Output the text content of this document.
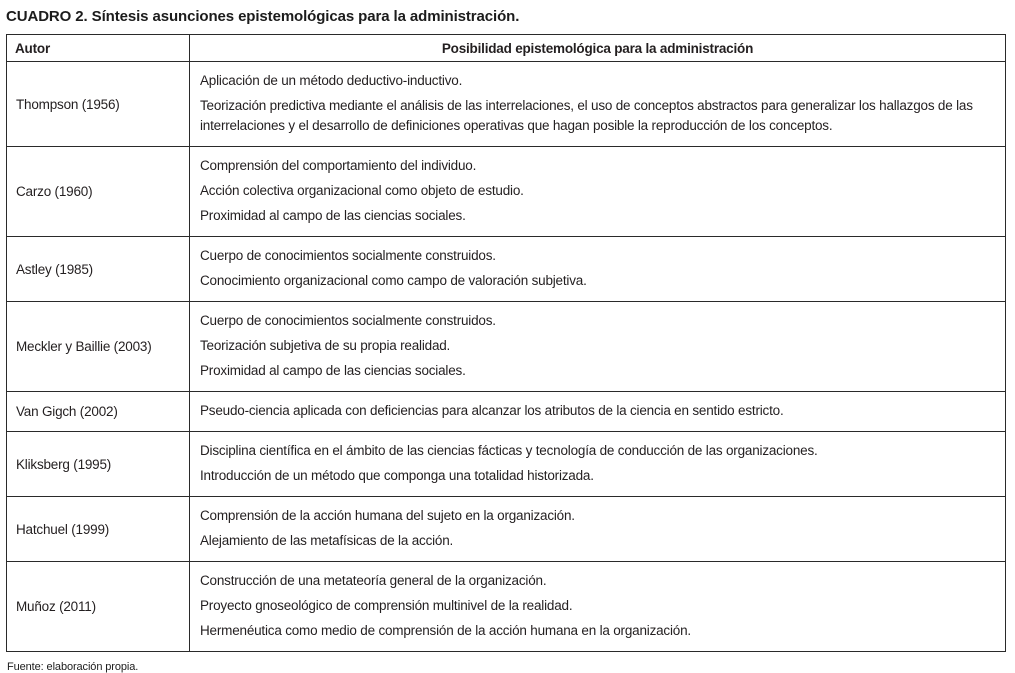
CUADRO 2. Síntesis asunciones epistemológicas para la administración.
Autor	Posibilidad epistemológica para la administración
Thompson (1956)	Aplicación de un método deductivo-inductivo.
Teorización predictiva mediante el análisis de las interrelaciones, el uso de conceptos abstractos para generalizar los hallazgos de las interrelaciones y el desarrollo de definiciones operativas que hagan posible la reproducción de los conceptos.

Carzo (1960)	Comprensión del comportamiento del individuo.
Acción colectiva organizacional como objeto de estudio.
Proximidad al campo de las ciencias sociales.

Astley (1985)	Cuerpo de conocimientos socialmente construidos.
Conocimiento organizacional como campo de valoración subjetiva.

Meckler y Baillie (2003)	Cuerpo de conocimientos socialmente construidos.
Teorización subjetiva de su propia realidad.
Proximidad al campo de las ciencias sociales.

Van Gigch (2002)	Pseudo-ciencia aplicada con deficiencias para alcanzar los atributos de la ciencia en sentido estricto.

Kliksberg (1995)	Disciplina científica en el ámbito de las ciencias fácticas y tecnología de conducción de las organizaciones.
Introducción de un método que componga una totalidad historizada.

Hatchuel (1999)	Comprensión de la acción humana del sujeto en la organización.
Alejamiento de las metafísicas de la acción.

Muñoz (2011)	Construcción de una metateoría general de la organización.
Proyecto gnoseológico de comprensión multinivel de la realidad.
Hermenéutica como medio de comprensión de la acción humana en la organización.
Fuente: elaboración propia.
